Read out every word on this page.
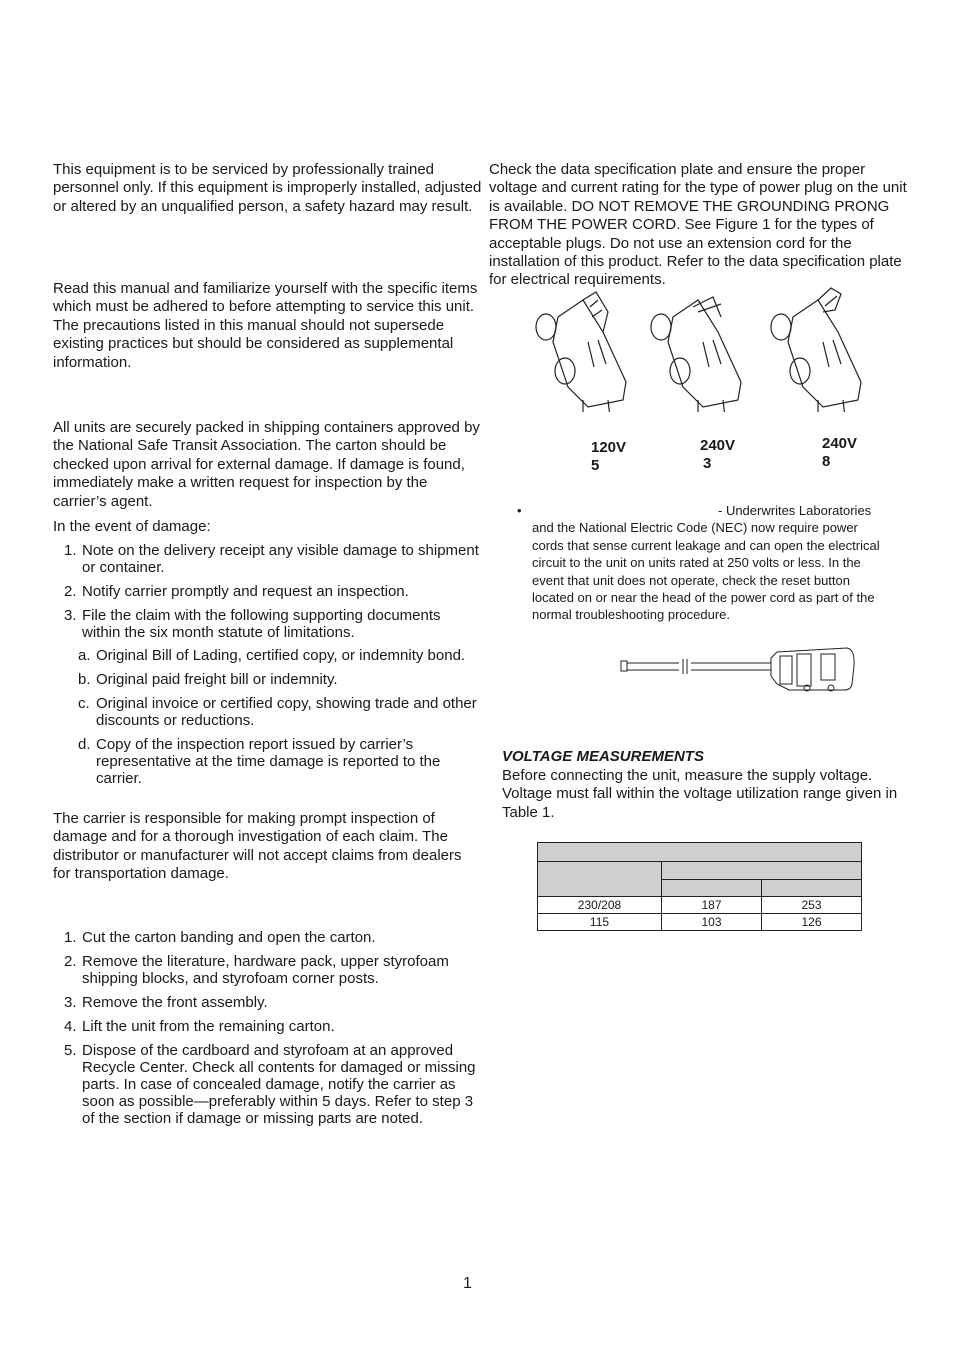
This equipment is to be serviced by professionally trained personnel only. If this equipment is improperly installed, adjusted or altered by an unqualified person, a safety hazard may result.

Read this manual and familiarize yourself with the specific items which must be adhered to before attempting to service this unit. The precautions listed in this manual should not supersede existing practices but should be considered as supplemental information.

All units are securely packed in shipping containers approved by the National Safe Transit Association. The carton should be checked upon arrival for external damage. If damage is found, immediately make a written request for inspection by the carrier’s agent.

In the event of damage:

1. Note on the delivery receipt any visible damage to shipment or container.
2. Notify carrier promptly and request an inspection.
3. File the claim with the following supporting documents within the six month statute of limitations.
a. Original Bill of Lading, certified copy, or indemnity bond.
b. Original paid freight bill or indemnity.
c. Original invoice or certified copy, showing trade and other discounts or reductions.
d. Copy of the inspection report issued by carrier’s representative at the time damage is reported to the carrier.

The carrier is responsible for making prompt inspection of damage and for a thorough investigation of each claim. The distributor or manufacturer will not accept claims from dealers for transportation damage.

1. Cut the carton banding and open the carton.
2. Remove the literature, hardware pack, upper styrofoam shipping blocks, and styrofoam corner posts.
3. Remove the front assembly.
4. Lift the unit from the remaining carton.
5. Dispose of the cardboard and styrofoam at an approved Recycle Center. Check all contents for damaged or missing parts. In case of concealed damage, notify the carrier as soon as possible—preferably within 5 days. Refer to step 3 of the section if damage or missing parts are noted.

Check the data specification plate and ensure the proper voltage and current rating for the type of power plug on the unit is available. DO NOT REMOVE THE GROUNDING PRONG FROM THE POWER CORD. See Figure 1 for the types of acceptable plugs. Do not use an extension cord for the installation of this product. Refer to the data specification plate for electrical requirements.

120V
5
240V
3
240V
8
•	- Underwrites Laboratories and the National Electric Code (NEC) now require power cords that sense current leakage and can open the electrical circuit to the unit on units rated at 250 volts or less. In the event that unit does not operate, check the reset button located on or near the head of the power cord as part of the normal troubleshooting procedure.

VOLTAGE MEASUREMENTS

Before connecting the unit, measure the supply voltage. Voltage must fall within the voltage utilization range given in Table 1.

230/208	187	253
115	103	126
1
